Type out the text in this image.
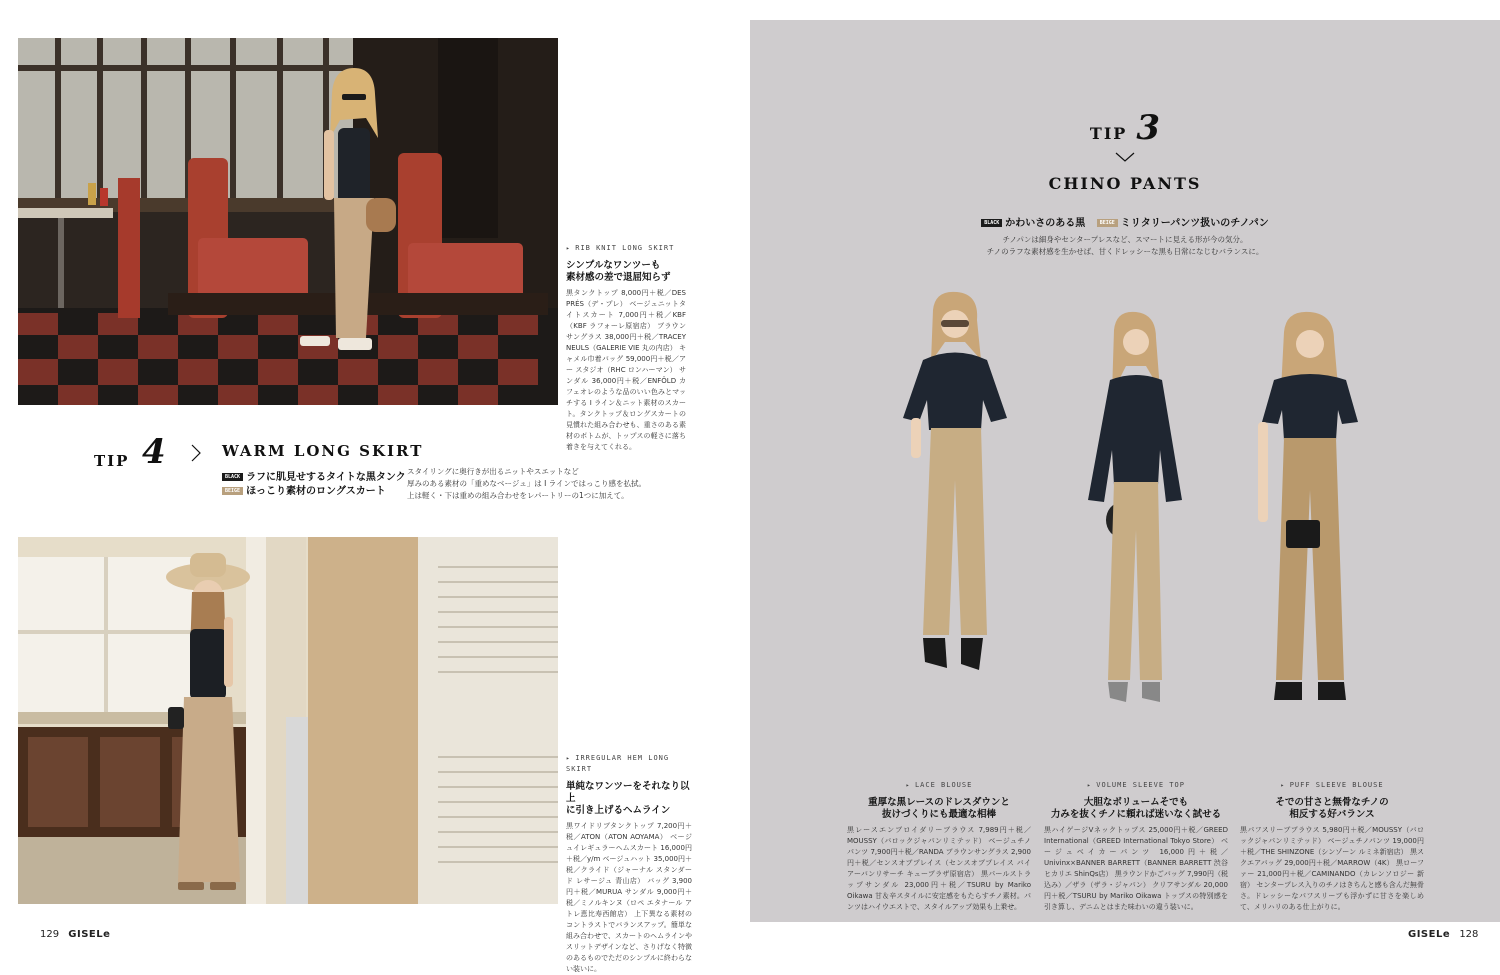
▸ RIB KNIT LONG SKIRT
シンプルなワンツーも
素材感の差で退屈知らず
黒タンクトップ 8,000円＋税／DES PRÉS（デ・プレ） ベージュニットタイトスカート 7,000円＋税／KBF（KBF ラフォーレ原宿店） ブラウンサングラス 38,000円＋税／TRACEY NEULS（GALERIE VIE 丸の内店） キャメル巾着バッグ 59,000円＋税／アー スタジオ（RHC ロンハーマン） サンダル 36,000円＋税／ENFÖLD カフェオレのような品のいい色みとマッチする I ライン＆ニット素材のスカート。タンクトップ＆ロングスカートの見慣れた組み合わせも、重さのある素材のボトムが、トップスの軽さに落ち着きを与えてくれる。
TIP 4	WARM LONG SKIRT
BLACK ラフに肌見せするタイトな黒タンク
BEIGE ほっこり素材のロングスカート
スタイリングに奥行きが出るニットやスエットなど
厚みのある素材の「重めなベージュ」は I ラインではっこり感を払拭。
上は軽く・下は重めの組み合わせをレパートリーの1つに加えて。
▸ IRREGULAR HEM LONG SKIRT
単純なワンツーをそれなり以上
に引き上げるヘムライン
黒ワイドリブタンクトップ 7,200円＋税／ATON（ATON AOYAMA） ベージュイレギュラーヘムスカート 16,000円＋税／y/m ベージュハット 35,000円＋税／クライド（ジャーナル スタンダード レサージュ 青山店） バッグ 3,900円＋税／MURUA サンダル 9,000円＋税／ミノルキンヌ（ロペ エタナール アトレ恵比寿西館店） 上下異なる素材のコントラストでバランスアップ。簡単な組み合わせで、スカートのヘムラインやスリットデザインなど、さりげなく特徴のあるものでただのシンプルに終わらない装いに。
129 GISELe
TIP 3
CHINO PANTS
BLACK かわいさのある黒	BEIGE ミリタリーパンツ扱いのチノパン
チノパンは細身やセンタープレスなど、スマートに見える形が今の気分。
チノのラフな素材感を生かせば、甘くドレッシーな黒も日常になじむバランスに。
▸ LACE BLOUSE
重厚な黒レースのドレスダウンと
抜けづくりにも最適な相棒
黒レースエンブロイダリーブラウス 7,989円＋税／MOUSSY（バロックジャパンリミテッド） ベージュチノパンツ 7,900円＋税／RANDA ブラウンサングラス 2,900円＋税／センスオブプレイス（センスオブプレイス バイ アーバンリサーチ キューブラザ原宿店） 黒パールストラップサンダル 23,000円＋税／TSURU by Mariko Oikawa 甘＆辛スタイルに安定感をもたらすチノ素材。パンツはハイウエストで、スタイルアップ効果も上乗せ。
▸ VOLUME SLEEVE TOP
大胆なボリュームそでも
力みを抜くチノに頼れば迷いなく試せる
黒ハイゲージVネックトップス 25,000円＋税／GREED International（GREED International Tokyo Store） ベージュベイカーパンツ 16,000円＋税／Univinx×BANNER BARRETT（BANNER BARRETT 渋谷ヒカリエ ShinQs店） 黒ラウンドかごバッグ 7,990円（税込み）／ザラ（ザラ・ジャパン） クリアサンダル 20,000円＋税／TSURU by Mariko Oikawa トップスの特別感を引き算し、デニムとはまた味わいの違う装いに。
▸ PUFF SLEEVE BLOUSE
そでの甘さと無骨なチノの
相反する好バランス
黒パフスリーブブラウス 5,980円＋税／MOUSSY（バロックジャパンリミテッド） ベージュチノパンツ 19,000円＋税／THE SHINZONE（シンゾーン ルミネ新宿店） 黒スクエアバッグ 29,000円＋税／MARROW（4K） 黒ローファー 21,000円＋税／CAMINANDO（カレンソロジー 新宿） センタープレス入りのチノはきちんと感も含んだ無骨さ。ドレッシーなパフスリーブも浮かずに甘さを楽しめて、メリハリのある仕上がりに。
GISELe 128
